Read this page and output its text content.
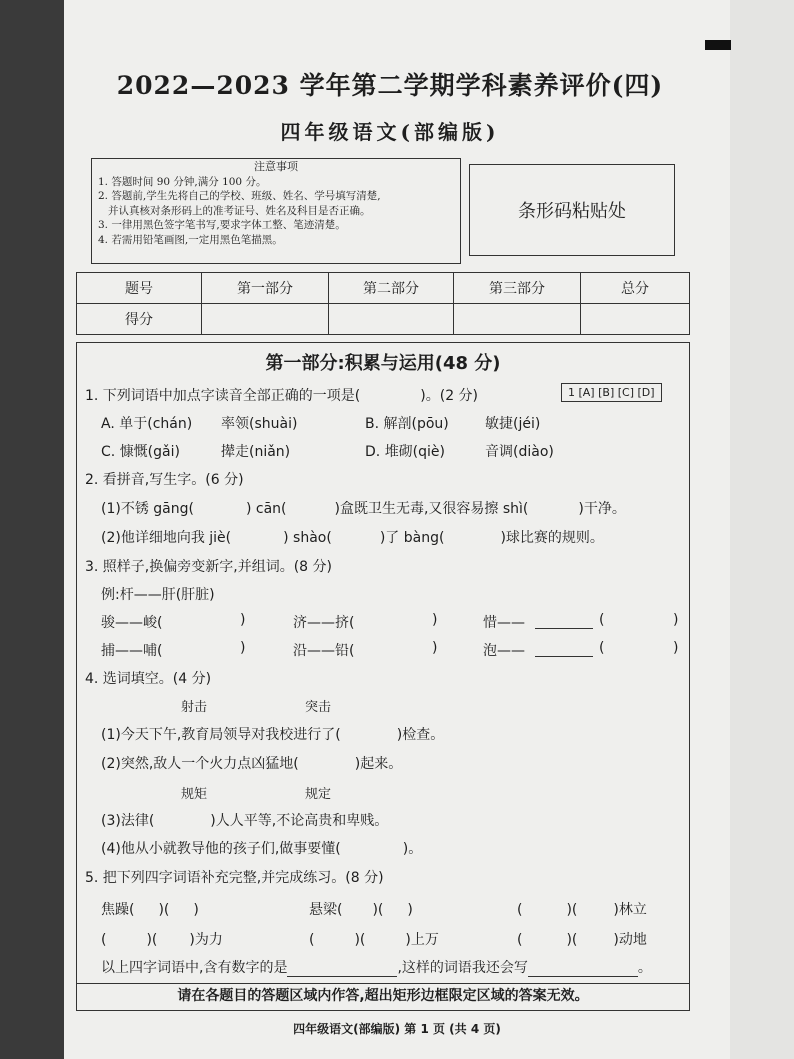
2022—2023 学年第二学期学科素养评价(四)
四年级语文(部编版)
注意事项
1. 答题时间 90 分钟,满分 100 分。
2. 答题前,学生先将自己的学校、班级、姓名、学号填写清楚,
并认真核对条形码上的准考证号、姓名及科目是否正确。
3. 一律用黑色签字笔书写,要求字体工整、笔迹清楚。
4. 若需用铅笔画图,一定用黑色笔描黑。
条形码粘贴处
题号	第一部分	第二部分	第三部分	总分
得分				
第一部分:积累与运用(48 分)
1. 下列词语中加点字读音全部正确的一项是(	)。(2 分)	1 [A] [B] [C] [D]
A. 单于(chán) 率领(shuài)	B. 解剖(pōu)	敏捷(jéi)
C. 慷慨(gǎi)	撵走(niǎn)	D. 堆砌(qiè)	音调(diào)
2. 看拼音,写生字。(6 分)
(1)不锈 gāng(	) cān(	)盒既卫生无毒,又很容易擦 shì(	)干净。
(2)他详细地向我 jiè(	) shào(	)了 bàng(	)球比赛的规则。
3. 照样子,换偏旁变新字,并组词。(8 分)
例:杆——肝(肝脏)
骏——峻(	)	济——挤(	)	惜——	(	)
捕——哺(	)	沿——铅(	)	泡——	(	)
4. 选词填空。(4 分)
射击	突击
(1)今天下午,教育局领导对我校进行了(	)检查。
(2)突然,敌人一个火力点凶猛地(	)起来。
规矩	规定
(3)法律(	)人人平等,不论高贵和卑贱。
(4)他从小就教导他的孩子们,做事要懂(	)。
5. 把下列四字词语补充完整,并完成练习。(8 分)
焦躁( )( )	悬梁( )( )	(	)(	)林立
(	)( )为力	(	)(	)上万	(	)(	)动地
以上四字词语中,含有数字的是	,这样的词语我还会写	。
请在各题目的答题区域内作答,超出矩形边框限定区域的答案无效。
四年级语文(部编版) 第 1 页 (共 4 页)
